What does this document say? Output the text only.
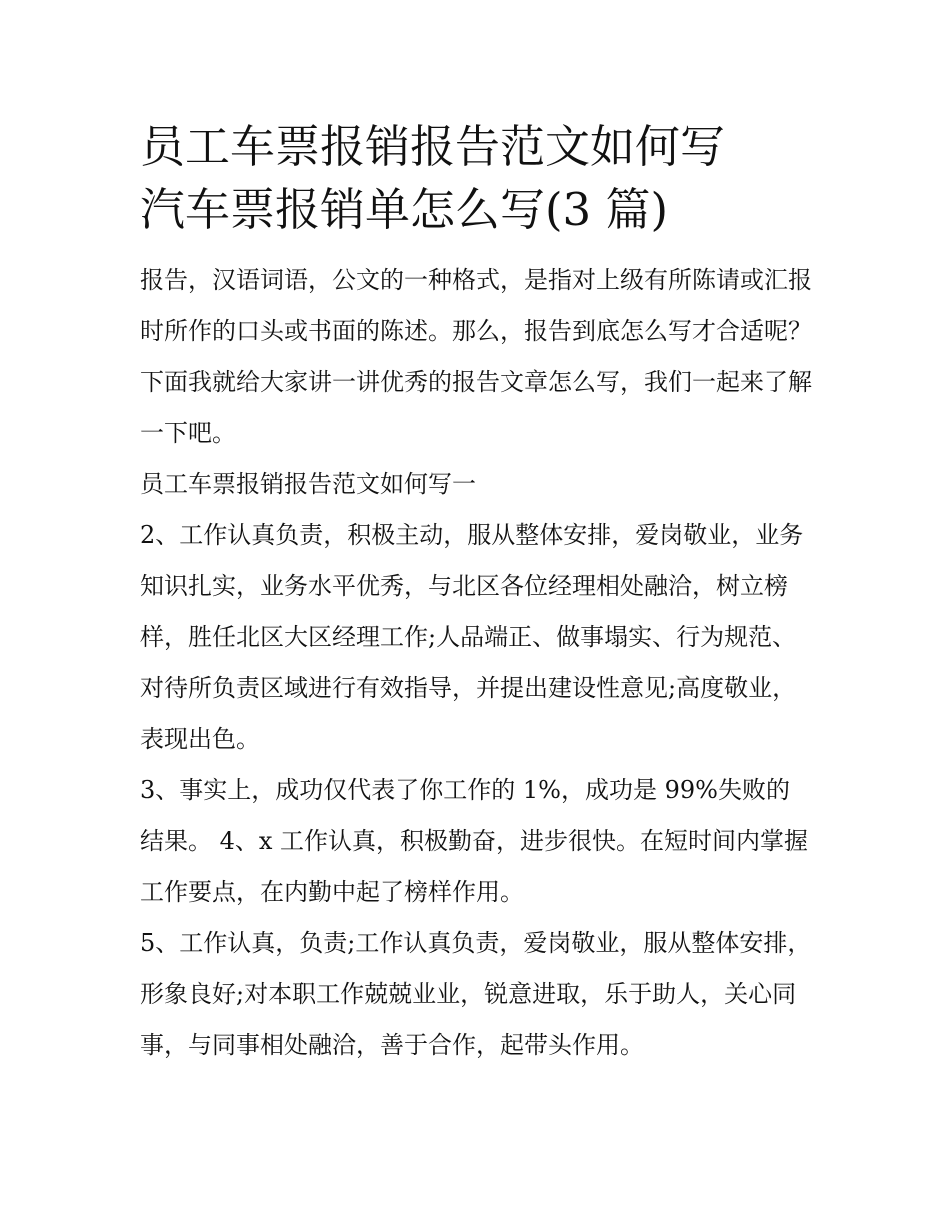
员工车票报销报告范文如何写
汽车票报销单怎么写(3 篇)

报告，汉语词语，公文的一种格式，是指对上级有所陈请或汇报时所作的口头或书面的陈述。那么，报告到底怎么写才合适呢？下面我就给大家讲一讲优秀的报告文章怎么写，我们一起来了解一下吧。

员工车票报销报告范文如何写一

2、工作认真负责，积极主动，服从整体安排，爱岗敬业，业务知识扎实，业务水平优秀，与北区各位经理相处融洽，树立榜样，胜任北区大区经理工作;人品端正、做事塌实、行为规范、对待所负责区域进行有效指导，并提出建设性意见;高度敬业，表现出色。

3、事实上，成功仅代表了你工作的 1%，成功是 99%失败的结果。 4、x 工作认真，积极勤奋，进步很快。在短时间内掌握工作要点，在内勤中起了榜样作用。

5、工作认真，负责;工作认真负责，爱岗敬业，服从整体安排，形象良好;对本职工作兢兢业业，锐意进取，乐于助人，关心同事，与同事相处融洽，善于合作，起带头作用。
